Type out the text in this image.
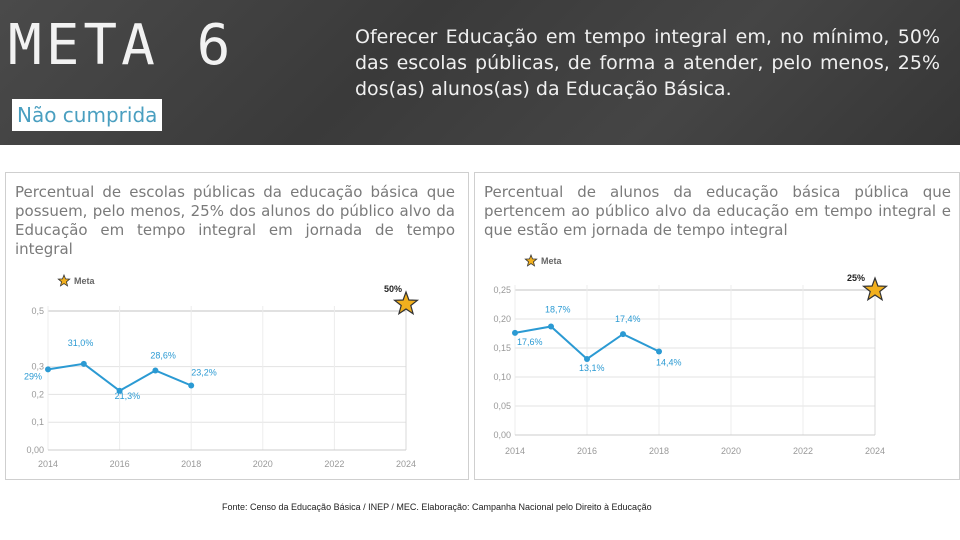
META 6
Não cumprida
Oferecer Educação em tempo integral em, no mínimo, 50% das escolas públicas, de forma a atender, pelo menos, 25% dos(as) alunos(as) da Educação Básica.
Percentual de escolas públicas da educação básica que possuem, pelo menos, 25% dos alunos do público alvo da Educação em tempo integral em jornada de tempo integral
0,5
0,3
0,2
0,1
0,00
2014	2016	2018	2020	2022	2024
Meta
29%
31,0%
21,3%
28,6%
23,2%
50%
Percentual de alunos da educação básica pública que pertencem ao público alvo da educação em tempo integral e que estão em jornada de tempo integral
0,25
0,20
0,15
0,10
0,05
0,00
2014	2016	2018	2020	2022	2024
Meta
17,6%
18,7%
13,1%
17,4%
14,4%
25%
Fonte: Censo da Educação Básica / INEP / MEC. Elaboração: Campanha Nacional pelo Direito à Educação
